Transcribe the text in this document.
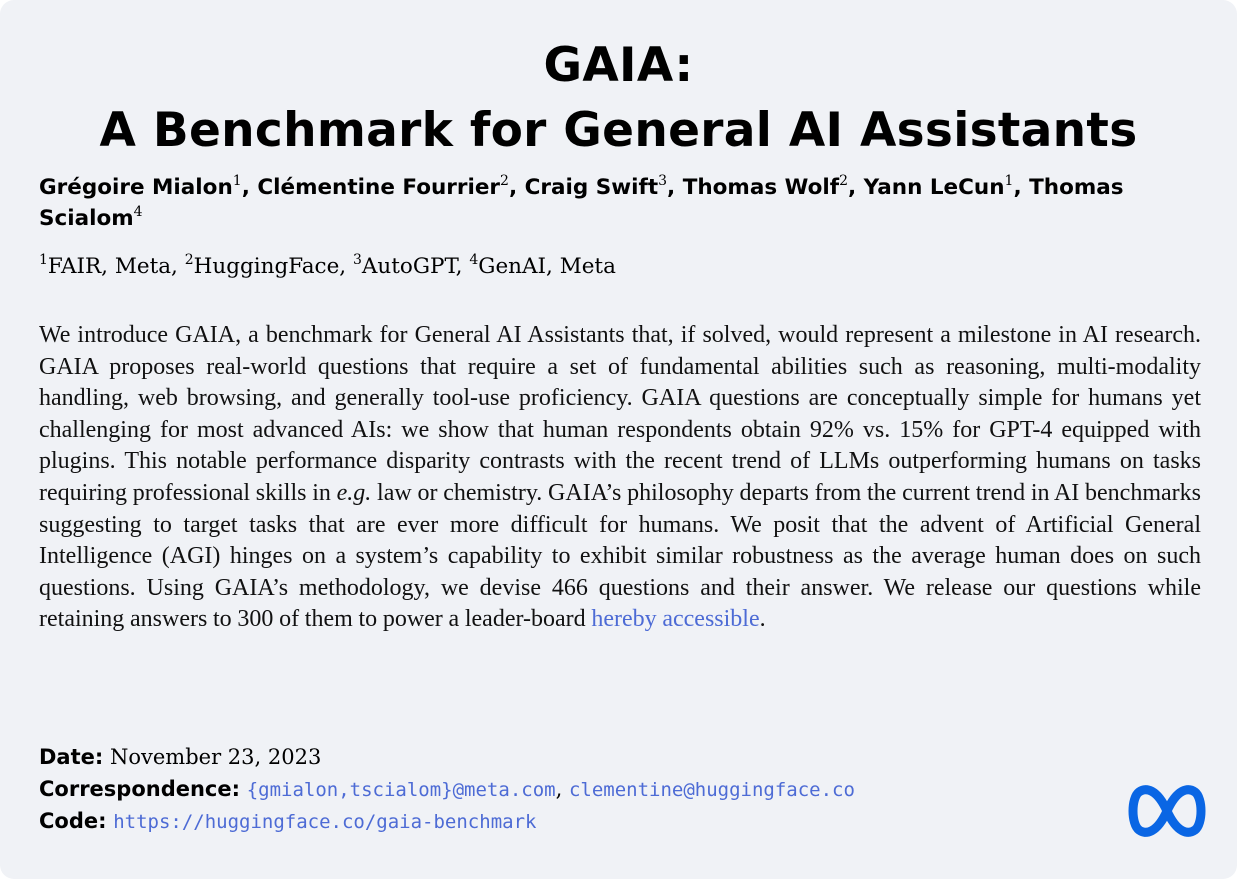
GAIA:
A Benchmark for General AI Assistants
Grégoire Mialon$^1$, Clémentine Fourrier$^2$, Craig Swift$^3$, Thomas Wolf$^2$, Yann LeCun$^1$, Thomas Scialom$^4$
$^1$FAIR, Meta, $^2$HuggingFace, $^3$AutoGPT, $^4$GenAI, Meta
We introduce GAIA, a benchmark for General AI Assistants that, if solved, would represent a milestone in AI research. GAIA proposes real-world questions that require a set of fundamental abilities such as reasoning, multi-modality handling, web browsing, and generally tool-use proficiency. GAIA questions are conceptually simple for humans yet challenging for most advanced AIs: we show that human respondents obtain 92% vs. 15% for GPT-4 equipped with plugins. This notable performance disparity contrasts with the recent trend of LLMs outperforming humans on tasks requiring professional skills in e.g. law or chemistry. GAIA’s philosophy departs from the current trend in AI benchmarks suggesting to target tasks that are ever more difficult for humans. We posit that the advent of Artificial General Intelligence (AGI) hinges on a system’s capability to exhibit similar robustness as the average human does on such questions. Using GAIA’s methodology, we devise 466 questions and their answer. We release our questions while retaining answers to 300 of them to power a leader-board hereby accessible.
Date: November 23, 2023
Correspondence: {gmialon,tscialom}@meta.com, clementine@huggingface.co
Code: https://huggingface.co/gaia-benchmark
